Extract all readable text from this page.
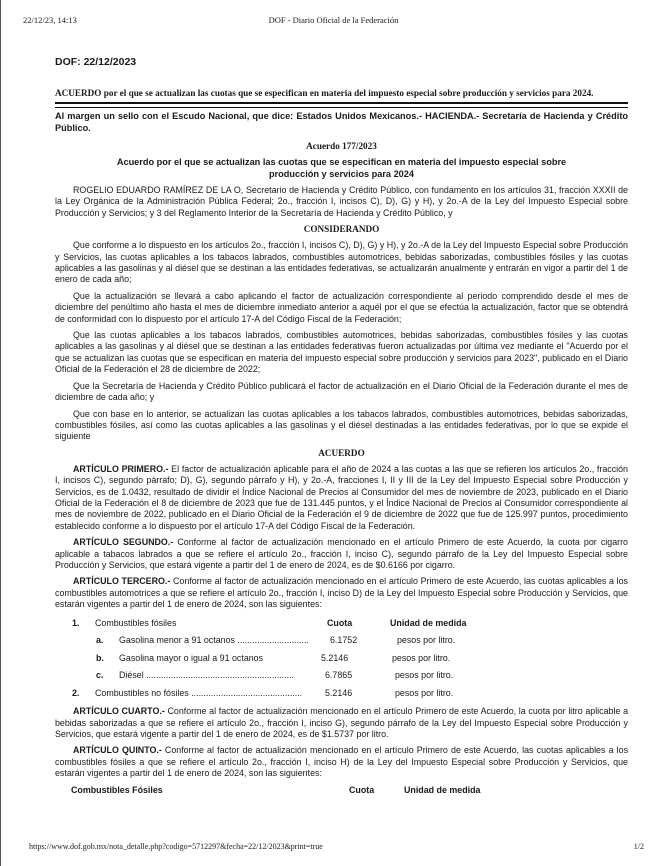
22/12/23, 14:13	DOF - Diario Oficial de la Federación
DOF: 22/12/2023
ACUERDO por el que se actualizan las cuotas que se especifican en materia del impuesto especial sobre producción y servicios para 2024.
Al margen un sello con el Escudo Nacional, que dice: Estados Unidos Mexicanos.- HACIENDA.- Secretaría de Hacienda y Crédito Público.
Acuerdo 177/2023
Acuerdo por el que se actualizan las cuotas que se especifican en materia del impuesto especial sobre
producción y servicios para 2024

ROGELIO EDUARDO RAMÍREZ DE LA O, Secretario de Hacienda y Crédito Público, con fundamento en los artículos 31, fracción XXXII de la Ley Orgánica de la Administración Pública Federal; 2o., fracción I, incisos C), D), G) y H), y 2o.-A de la Ley del Impuesto Especial sobre Producción y Servicios; y 3 del Reglamento Interior de la Secretaría de Hacienda y Crédito Público, y

CONSIDERANDO

Que conforme a lo dispuesto en los artículos 2o., fracción I, incisos C), D), G) y H), y 2o.-A de la Ley del Impuesto Especial sobre Producción y Servicios, las cuotas aplicables a los tabacos labrados, combustibles automotrices, bebidas saborizadas, combustibles fósiles y las cuotas aplicables a las gasolinas y al diésel que se destinan a las entidades federativas, se actualizarán anualmente y entrarán en vigor a partir del 1 de enero de cada año;

Que la actualización se llevará a cabo aplicando el factor de actualización correspondiente al periodo comprendido desde el mes de diciembre del penúltimo año hasta el mes de diciembre inmediato anterior a aquél por el que se efectúa la actualización, factor que se obtendrá de conformidad con lo dispuesto por el artículo 17-A del Código Fiscal de la Federación;

Que las cuotas aplicables a los tabacos labrados, combustibles automotrices, bebidas saborizadas, combustibles fósiles y las cuotas aplicables a las gasolinas y al diésel que se destinan a las entidades federativas fueron actualizadas por última vez mediante el "Acuerdo por el que se actualizan las cuotas que se especifican en materia del impuesto especial sobre producción y servicios para 2023", publicado en el Diario Oficial de la Federación el 28 de diciembre de 2022;

Que la Secretaría de Hacienda y Crédito Público publicará el factor de actualización en el Diario Oficial de la Federación durante el mes de diciembre de cada año; y

Que con base en lo anterior, se actualizan las cuotas aplicables a los tabacos labrados, combustibles automotrices, bebidas saborizadas, combustibles fósiles, así como las cuotas aplicables a las gasolinas y el diésel destinadas a las entidades federativas, por lo que se expide el siguiente

ACUERDO

ARTÍCULO PRIMERO.- El factor de actualización aplicable para el año de 2024 a las cuotas a las que se refieren los artículos 2o., fracción I, incisos C), segundo párrafo; D), G), segundo párrafo y H), y 2o.-A, fracciones I, II y III de la Ley del Impuesto Especial sobre Producción y Servicios, es de 1.0432, resultado de dividir el Índice Nacional de Precios al Consumidor del mes de noviembre de 2023, publicado en el Diario Oficial de la Federación el 8 de diciembre de 2023 que fue de 131.445 puntos, y el Índice Nacional de Precios al Consumidor correspondiente al mes de noviembre de 2022, publicado en el Diario Oficial de la Federación el 9 de diciembre de 2022 que fue de 125.997 puntos, procedimiento establecido conforme a lo dispuesto por el artículo 17-A del Código Fiscal de la Federación.

ARTÍCULO SEGUNDO.- Conforme al factor de actualización mencionado en el artículo Primero de este Acuerdo, la cuota por cigarro aplicable a tabacos labrados a que se refiere el artículo 2o., fracción I, inciso C), segundo párrafo de la Ley del Impuesto Especial sobre Producción y Servicios, que estará vigente a partir del 1 de enero de 2024, es de $0.6166 por cigarro.

ARTÍCULO TERCERO.- Conforme al factor de actualización mencionado en el artículo Primero de este Acuerdo, las cuotas aplicables a los combustibles automotrices a que se refiere el artículo 2o., fracción I, inciso D) de la Ley del Impuesto Especial sobre Producción y Servicios, que estarán vigentes a partir del 1 de enero de 2024, son las siguientes:

1. Combustibles fósiles	Cuota	Unidad de medida
a. Gasolina menor a 91 octanos ............................. 6.1752	pesos por litro.
b. Gasolina mayor o igual a 91 octanos	5.2146	pesos por litro.
c. Diésel ............................................................	6.7865	pesos por litro.
2. Combustibles no fósiles .............................................	5.2146	pesos por litro.

ARTÍCULO CUARTO.- Conforme al factor de actualización mencionado en el artículo Primero de este Acuerdo, la cuota por litro aplicable a bebidas saborizadas a que se refiere el artículo 2o., fracción I, inciso G), segundo párrafo de la Ley del Impuesto Especial sobre Producción y Servicios, que estará vigente a partir del 1 de enero de 2024, es de $1.5737 por litro.

ARTÍCULO QUINTO.- Conforme al factor de actualización mencionado en el artículo Primero de este Acuerdo, las cuotas aplicables a los combustibles fósiles a que se refiere el artículo 2o., fracción I, inciso H) de la Ley del Impuesto Especial sobre Producción y Servicios, que estarán vigentes a partir del 1 de enero de 2024, son las siguientes:

Combustibles Fósiles	Cuota	Unidad de medida
https://www.dof.gob.mx/nota_detalle.php?codigo=5712297&fecha=22/12/2023&print=true	1/2
